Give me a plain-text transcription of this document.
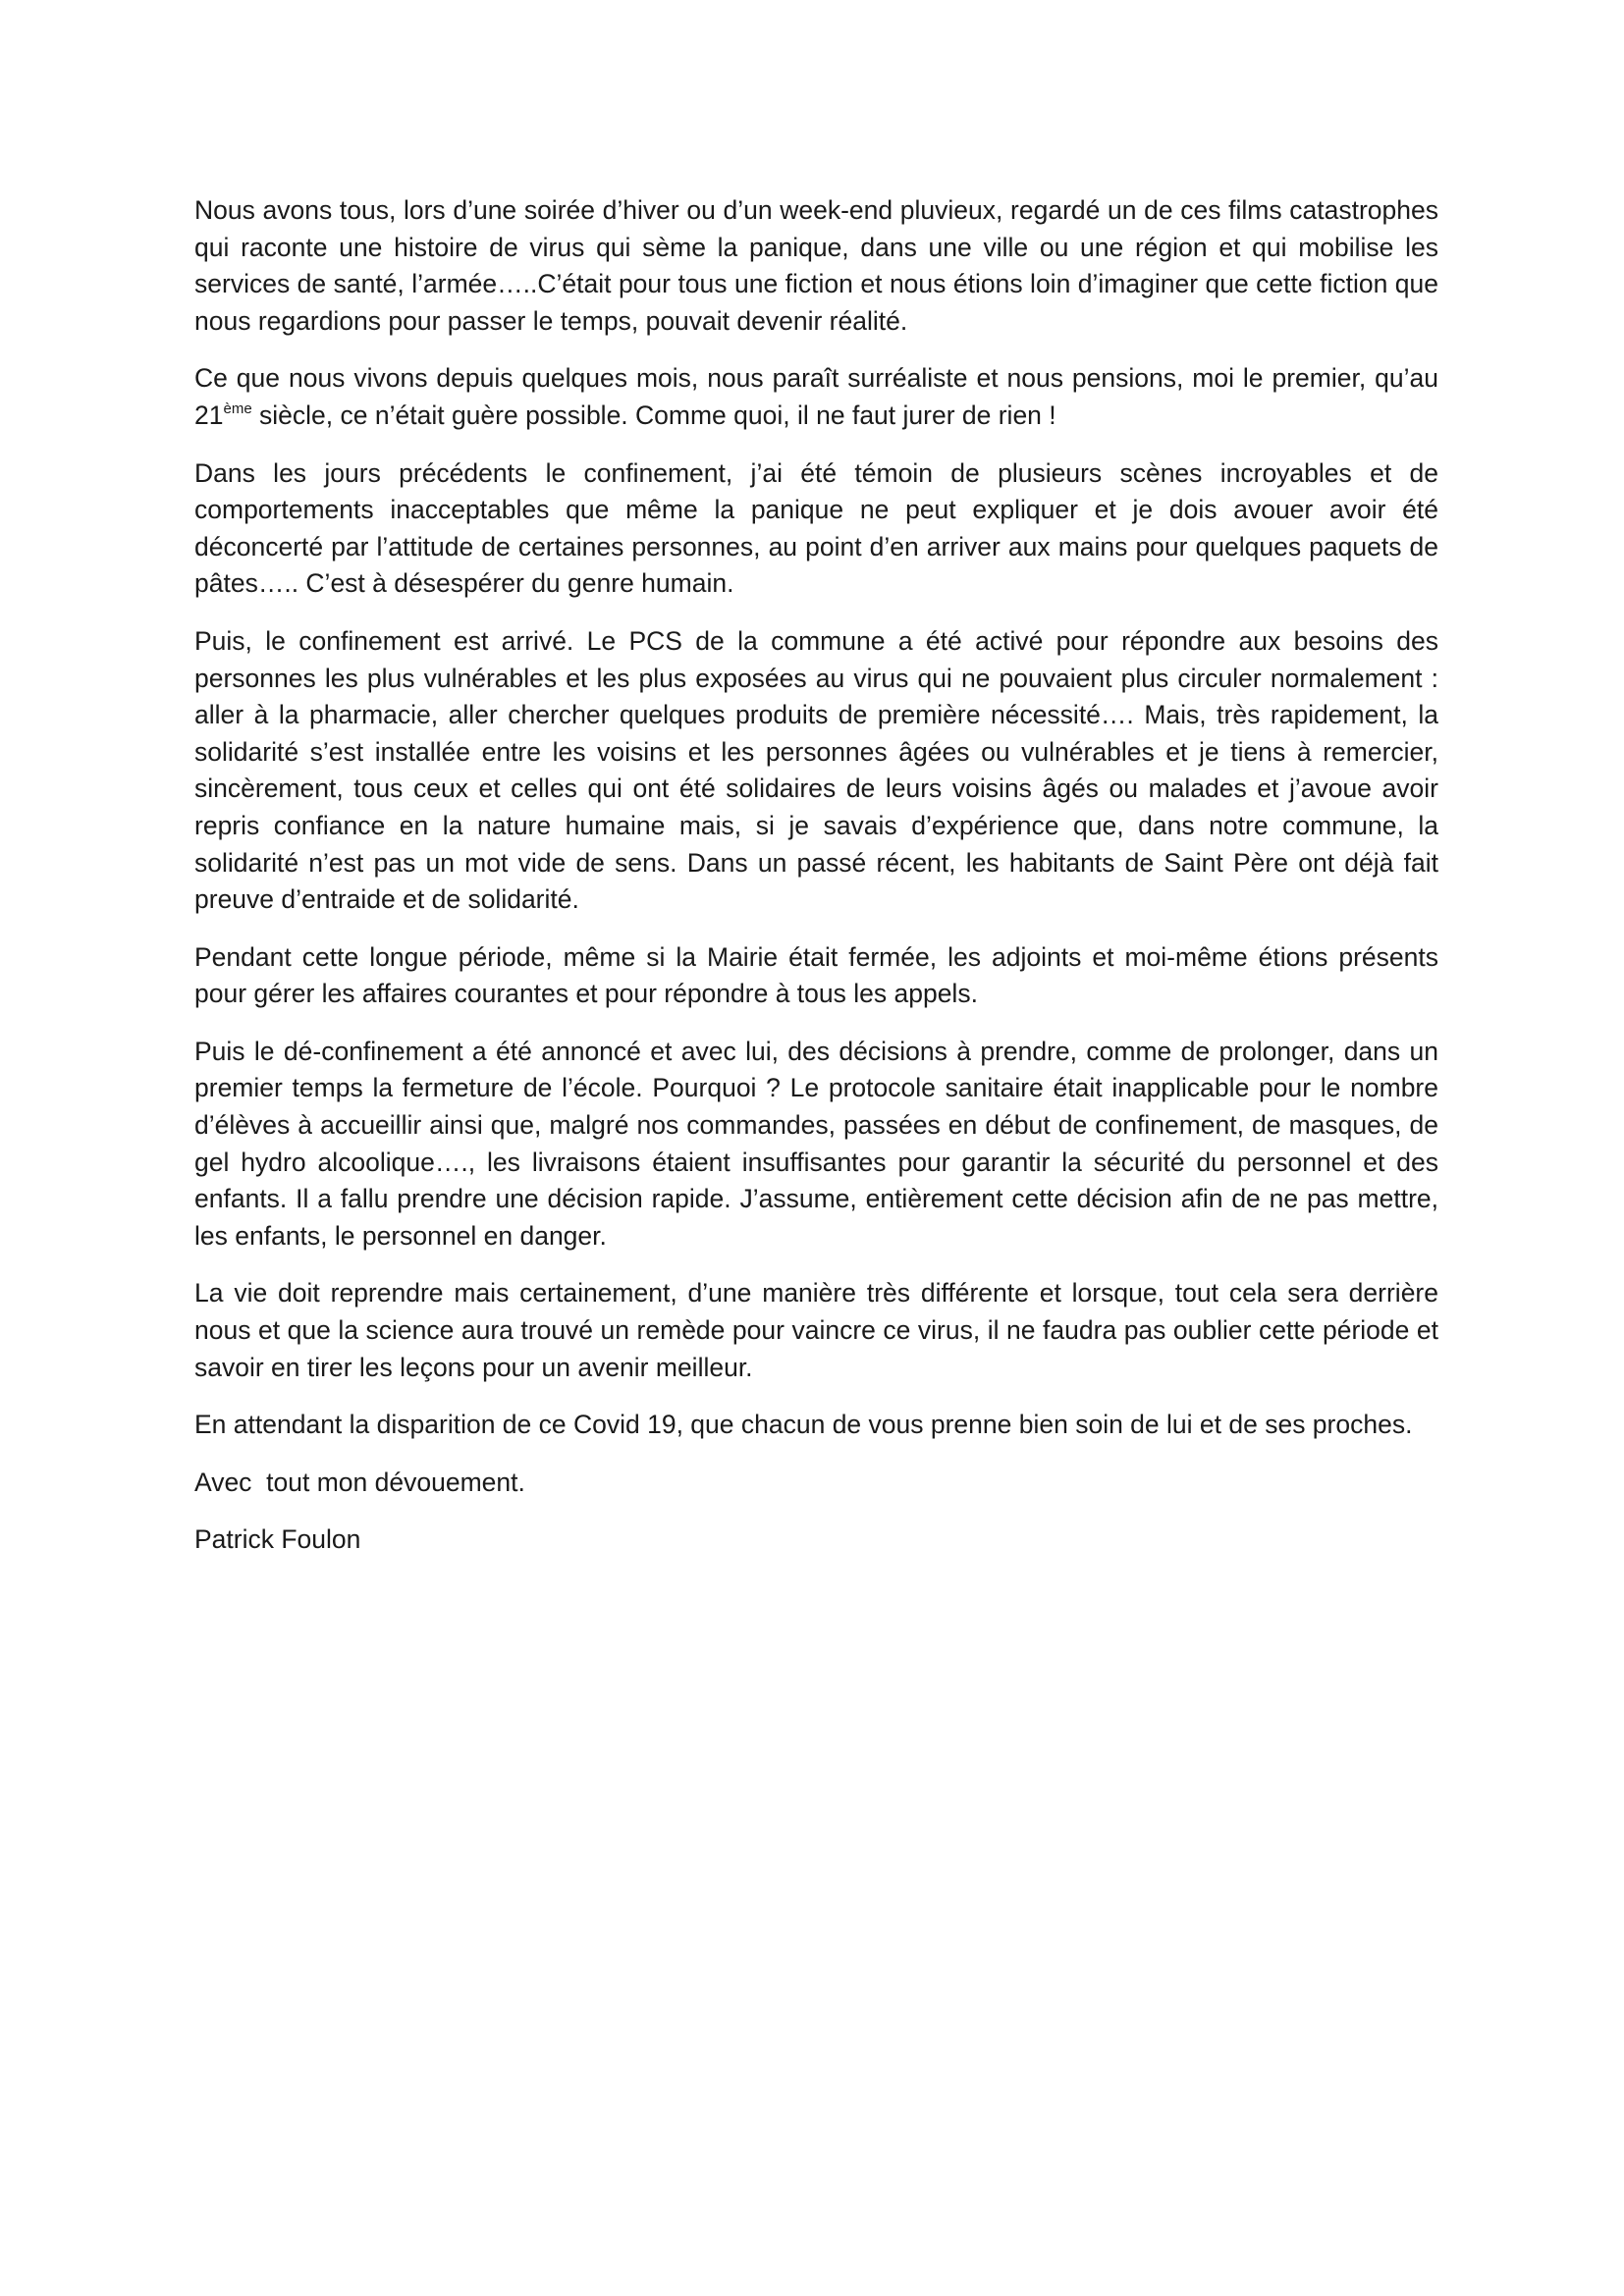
Nous avons tous, lors d’une soirée d’hiver ou d’un week-end pluvieux, regardé un de ces films catastrophes qui raconte une histoire de virus qui sème la panique, dans une ville ou une région et qui mobilise les services de santé, l’armée…..C’était pour tous une fiction et nous étions loin d’imaginer que cette fiction que nous regardions pour passer le temps, pouvait devenir réalité.

Ce que nous vivons depuis quelques mois, nous paraît surréaliste et nous pensions, moi le premier, qu’au 21ème siècle, ce n’était guère possible. Comme quoi, il ne faut jurer de rien !

Dans les jours précédents le confinement, j’ai été témoin de plusieurs scènes incroyables et de comportements inacceptables que même la panique ne peut expliquer et je dois avouer avoir été déconcerté par l’attitude de certaines personnes, au point d’en arriver aux mains pour quelques paquets de pâtes….. C’est à désespérer du genre humain.

Puis, le confinement est arrivé. Le PCS de la commune a été activé pour répondre aux besoins des personnes les plus vulnérables et les plus exposées au virus qui ne pouvaient plus circuler normalement : aller à la pharmacie, aller chercher quelques produits de première nécessité…. Mais, très rapidement, la solidarité s’est installée entre les voisins et les personnes âgées ou vulnérables et je tiens à remercier, sincèrement, tous ceux et celles qui ont été solidaires de leurs voisins âgés ou malades et j’avoue avoir repris confiance en la nature humaine mais, si je savais d’expérience que, dans notre commune, la solidarité n’est pas un mot vide de sens. Dans un passé récent, les habitants de Saint Père ont déjà fait preuve d’entraide et de solidarité.

Pendant cette longue période, même si la Mairie était fermée, les adjoints et moi-même étions présents pour gérer les affaires courantes et pour répondre à tous les appels.

Puis le dé-confinement a été annoncé et avec lui, des décisions à prendre, comme de prolonger, dans un premier temps la fermeture de l’école. Pourquoi ? Le protocole sanitaire était inapplicable pour le nombre d’élèves à accueillir ainsi que, malgré nos commandes, passées en début de confinement, de masques, de gel hydro alcoolique…., les livraisons étaient insuffisantes pour garantir la sécurité du personnel et des enfants. Il a fallu prendre une décision rapide. J’assume, entièrement cette décision afin de ne pas mettre, les enfants, le personnel en danger.

La vie doit reprendre mais certainement, d’une manière très différente et lorsque, tout cela sera derrière nous et que la science aura trouvé un remède pour vaincre ce virus, il ne faudra pas oublier cette période et savoir en tirer les leçons pour un avenir meilleur.

En attendant la disparition de ce Covid 19, que chacun de vous prenne bien soin de lui et de ses proches.

Avec  tout mon dévouement.

Patrick Foulon
